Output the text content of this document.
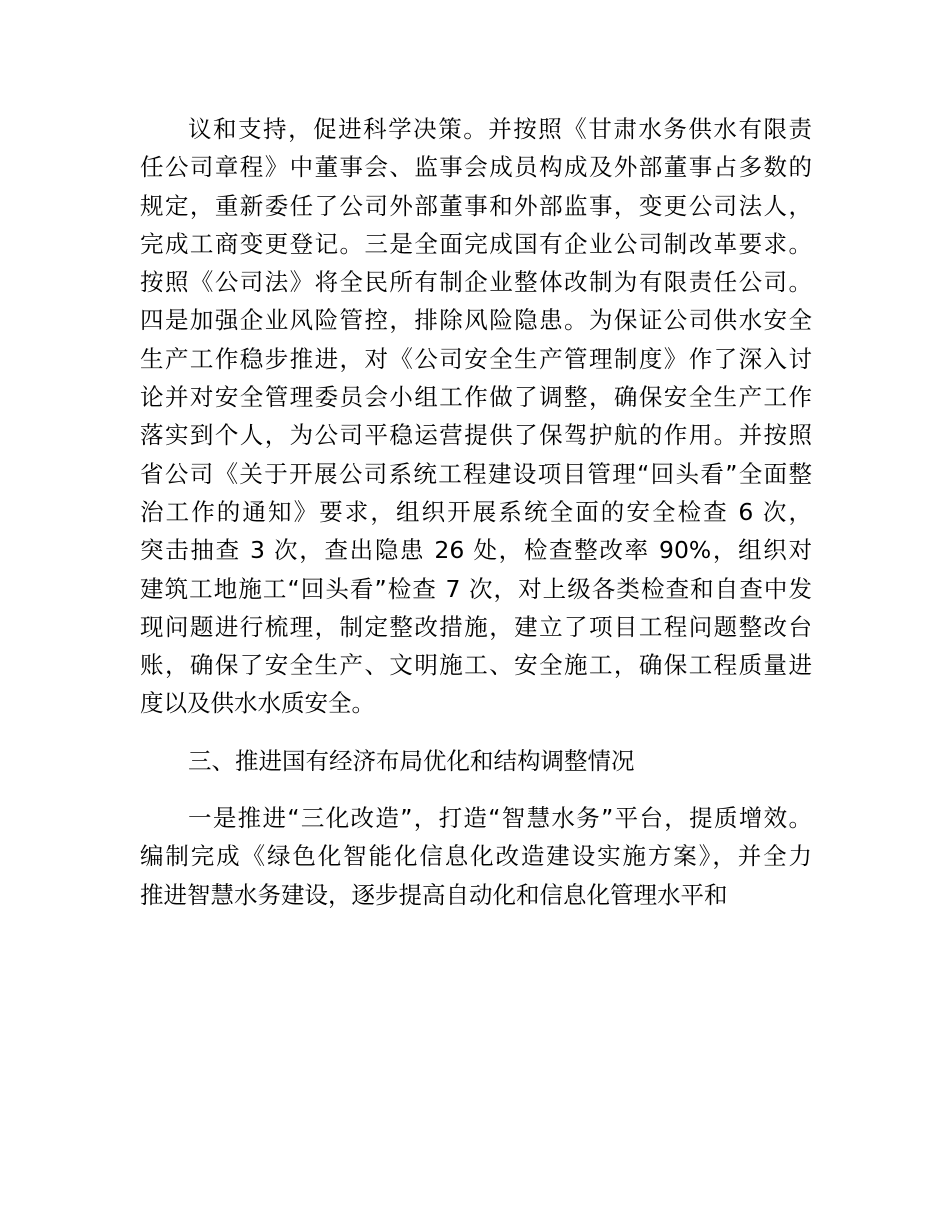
议和支持，促进科学决策。并按照《甘肃水务供水有限责
任公司章程》中董事会、监事会成员构成及外部董事占多数的
规定，重新委任了公司外部董事和外部监事，变更公司法人，
完成工商变更登记。三是全面完成国有企业公司制改革要求。
按照《公司法》将全民所有制企业整体改制为有限责任公司。
四是加强企业风险管控，排除风险隐患。为保证公司供水安全
生产工作稳步推进，对《公司安全生产管理制度》作了深入讨
论并对安全管理委员会小组工作做了调整，确保安全生产工作
落实到个人，为公司平稳运营提供了保驾护航的作用。并按照
省公司《关于开展公司系统工程建设项目管理“回头看”全面整
治工作的通知》要求，组织开展系统全面的安全检查 6 次，
突击抽查 3 次，查出隐患 26 处，检查整改率 90%，组织对
建筑工地施工“回头看”检查 7 次，对上级各类检查和自查中发
现问题进行梳理，制定整改措施，建立了项目工程问题整改台
账，确保了安全生产、文明施工、安全施工，确保工程质量进
度以及供水水质安全。
三、推进国有经济布局优化和结构调整情况
一是推进“三化改造”，打造“智慧水务”平台，提质增效。
编制完成《绿色化智能化信息化改造建设实施方案》，并全力
推进智慧水务建设，逐步提高自动化和信息化管理水平和
